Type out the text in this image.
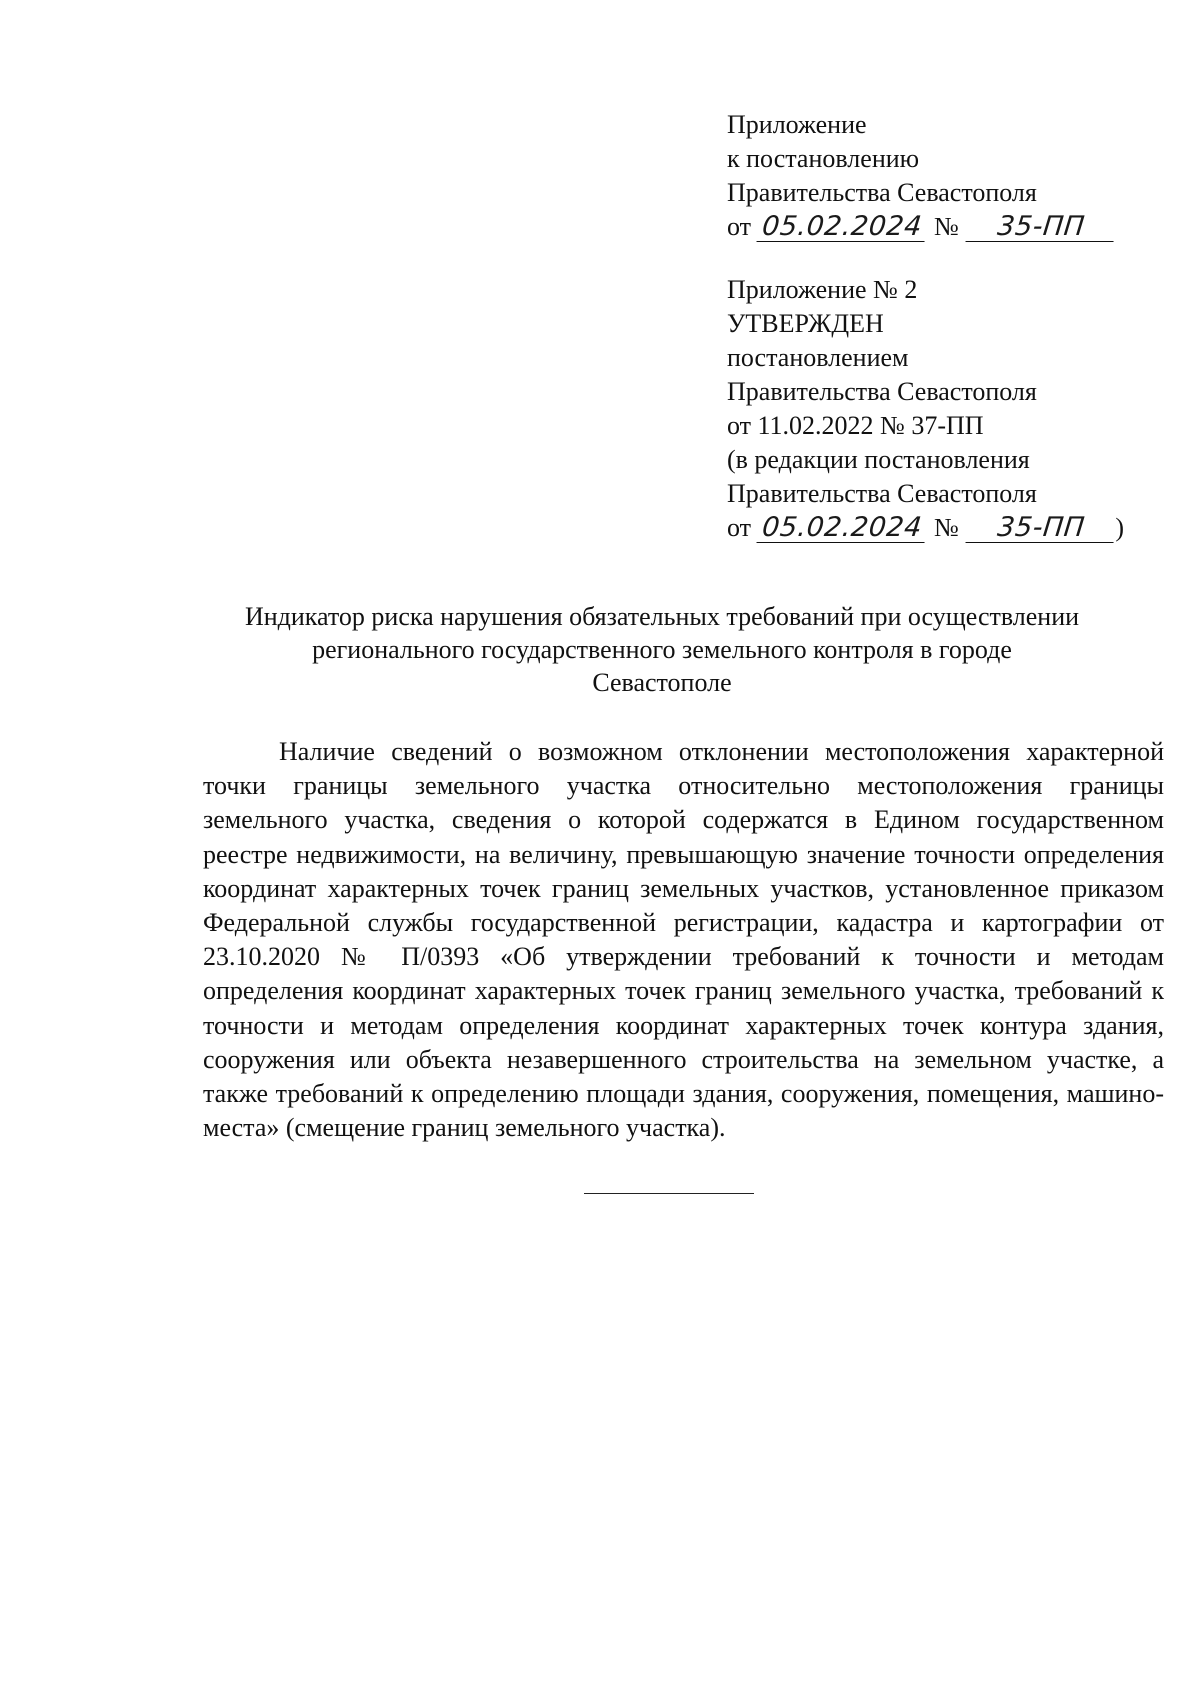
Приложение
к постановлению
Правительства Севастополя
от 05.02.2024 № 35-ПП
Приложение № 2
УТВЕРЖДЕН
постановлением
Правительства Севастополя
от 11.02.2022 № 37-ПП
(в редакции постановления
Правительства Севастополя
от 05.02.2024 № 35-ПП )
Индикатор риска нарушения обязательных требований при осуществлении
регионального государственного земельного контроля в городе
Севастополе
Наличие сведений о возможном отклонении местоположения характерной точки границы земельного участка относительно местоположения границы земельного участка, сведения о которой содержатся в Едином государственном реестре недвижимости, на величину, превышающую значение точности определения координат характерных точек границ земельных участков, установленное приказом Федеральной службы государственной регистрации, кадастра и картографии от 23.10.2020 № П/0393 «Об утверждении требований к точности и методам определения координат характерных точек границ земельного участка, требований к точности и методам определения координат характерных точек контура здания, сооружения или объекта незавершенного строительства на земельном участке, а также требований к определению площади здания, сооружения, помещения, машино-места» (смещение границ земельного участка).
